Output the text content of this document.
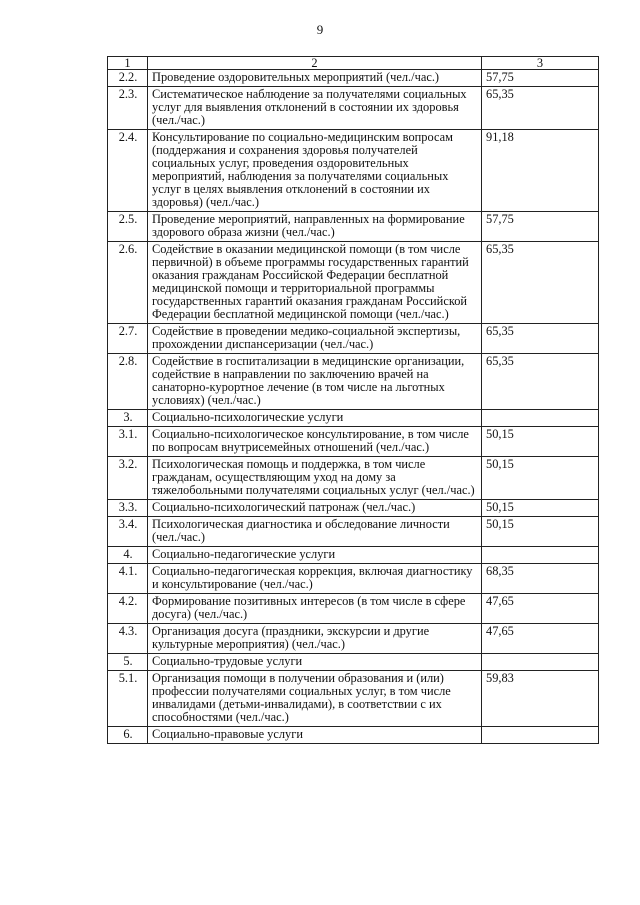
9
1	2	3
2.2.	Проведение оздоровительных мероприятий (чел./час.)	57,75
2.3.	Систематическое наблюдение за получателями социальных услуг для выявления отклонений в состоянии их здоровья (чел./час.)	65,35
2.4.	Консультирование по социально-медицинским вопросам (поддержания и сохранения здоровья получателей социальных услуг, проведения оздоровительных мероприятий, наблюдения за получателями социальных услуг в целях выявления отклонений в состоянии их здоровья) (чел./час.)	91,18
2.5.	Проведение мероприятий, направленных на формирование здорового образа жизни (чел./час.)	57,75
2.6.	Содействие в оказании медицинской помощи (в том числе первичной) в объеме программы государственных гарантий оказания гражданам Российской Федерации бесплатной медицинской помощи и территориальной программы государственных гарантий оказания гражданам Российской Федерации бесплатной медицинской помощи (чел./час.)	65,35
2.7.	Содействие в проведении медико-социальной экспертизы, прохождении диспансеризации (чел./час.)	65,35
2.8.	Содействие в госпитализации в медицинские организации, содействие в направлении по заключению врачей на санаторно-курортное лечение (в том числе на льготных условиях) (чел./час.)	65,35
3.	Социально-психологические услуги	
3.1.	Социально-психологическое консультирование, в том числе по вопросам внутрисемейных отношений (чел./час.)	50,15
3.2.	Психологическая помощь и поддержка, в том числе гражданам, осуществляющим уход на дому за тяжелобольными получателями социальных услуг (чел./час.)	50,15
3.3.	Социально-психологический патронаж (чел./час.)	50,15
3.4.	Психологическая диагностика и обследование личности (чел./час.)	50,15
4.	Социально-педагогические услуги	
4.1.	Социально-педагогическая коррекция, включая диагностику и консультирование (чел./час.)	68,35
4.2.	Формирование позитивных интересов (в том числе в сфере досуга) (чел./час.)	47,65
4.3.	Организация досуга (праздники, экскурсии и другие культурные мероприятия) (чел./час.)	47,65
5.	Социально-трудовые услуги	
5.1.	Организация помощи в получении образования и (или) профессии получателями социальных услуг, в том числе инвалидами (детьми-инвалидами), в соответствии с их способностями (чел./час.)	59,83
6.	Социально-правовые услуги	
